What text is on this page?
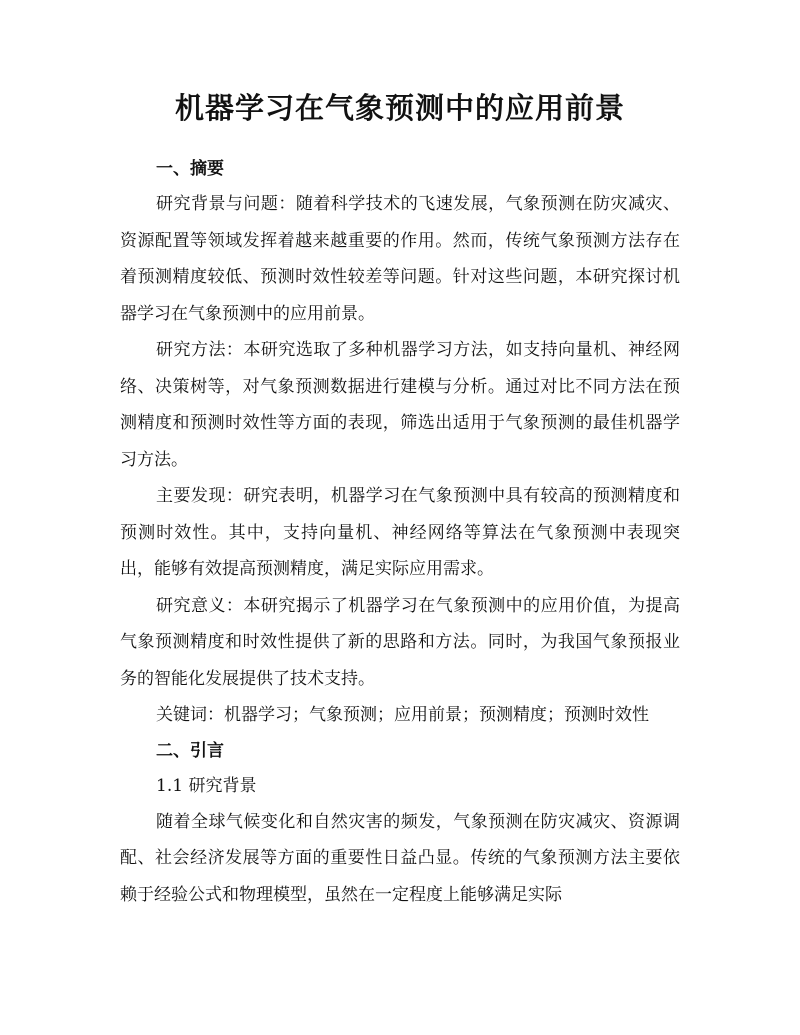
机器学习在气象预测中的应用前景
一、摘要

研究背景与问题：随着科学技术的飞速发展，气象预测在防灾减灾、资源配置等领域发挥着越来越重要的作用。然而，传统气象预测方法存在着预测精度较低、预测时效性较差等问题。针对这些问题，本研究探讨机器学习在气象预测中的应用前景。

研究方法：本研究选取了多种机器学习方法，如支持向量机、神经网络、决策树等，对气象预测数据进行建模与分析。通过对比不同方法在预测精度和预测时效性等方面的表现，筛选出适用于气象预测的最佳机器学习方法。

主要发现：研究表明，机器学习在气象预测中具有较高的预测精度和预测时效性。其中，支持向量机、神经网络等算法在气象预测中表现突出，能够有效提高预测精度，满足实际应用需求。

研究意义：本研究揭示了机器学习在气象预测中的应用价值，为提高气象预测精度和时效性提供了新的思路和方法。同时，为我国气象预报业务的智能化发展提供了技术支持。

关键词：机器学习；气象预测；应用前景；预测精度；预测时效性

二、引言

1.1 研究背景

随着全球气候变化和自然灾害的频发，气象预测在防灾减灾、资源调配、社会经济发展等方面的重要性日益凸显。传统的气象预测方法主要依赖于经验公式和物理模型，虽然在一定程度上能够满足实际
